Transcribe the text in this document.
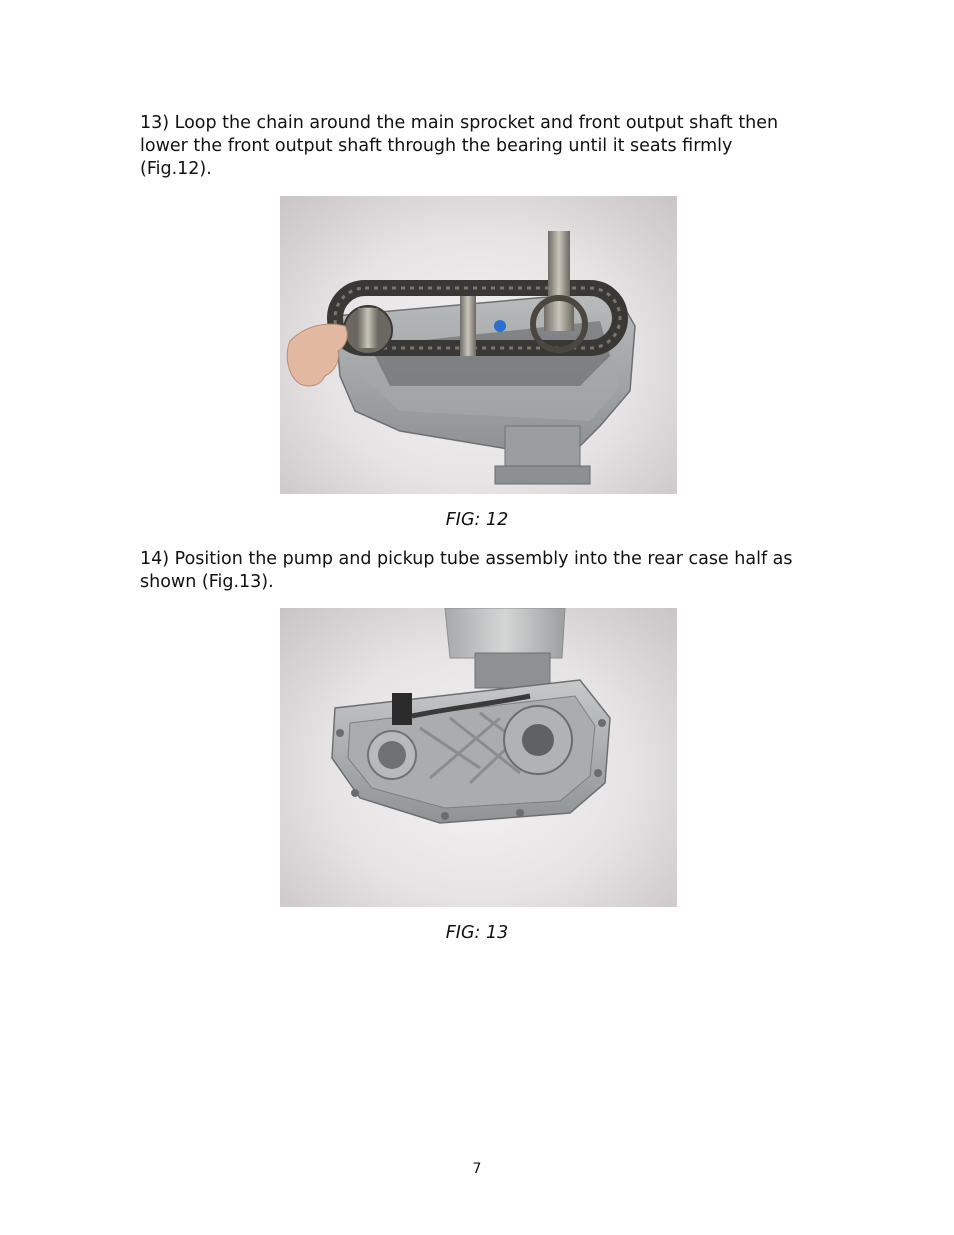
13) Loop the chain around the main sprocket and front output shaft then lower the front output shaft through the bearing until it seats firmly (Fig.12).

FIG: 12

14) Position the pump and pickup tube assembly into the rear case half as shown (Fig.13).

FIG: 13

7
